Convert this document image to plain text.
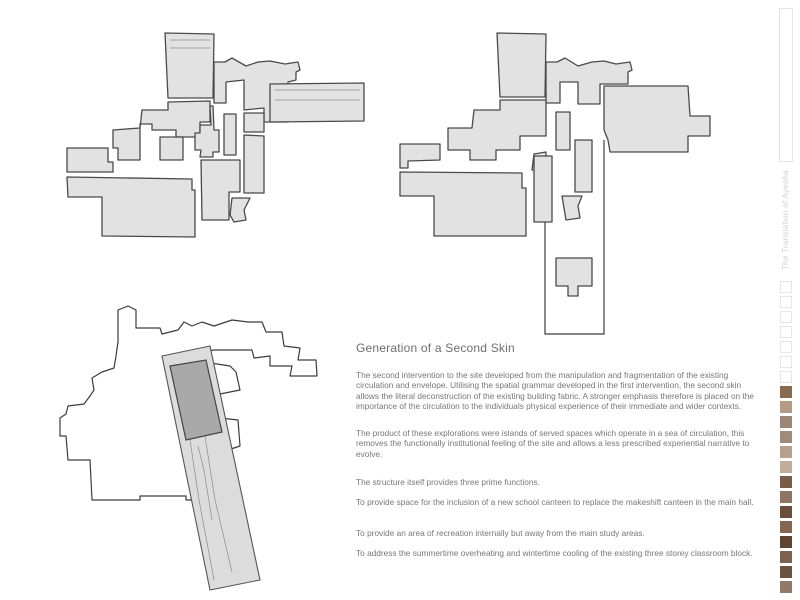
Generation of a Second Skin

The second intervention to the site developed from the manipulation and fragmentation of the existing circulation and envelope. Utilising the spatial grammar developed in the first intervention, the second skin allows the literal deconstruction of the existing building fabric. A stronger emphasis therefore is placed on the importance of the circulation to the individuals physical experience of their immediate and wider contexts.

The product of these explorations were islands of served spaces which operate in a sea of circulation, this removes the functionally institutional feeling of the site and allows a less prescribed experiential narrative to evolve.

The structure itself provides three prime functions.

To provide space for the inclusion of a new school canteen to replace the makeshift canteen in the main hall.

To provide an area of recreation internally but away from the main study areas.

To address the summertime overheating and wintertime cooling of the existing three storey classroom block.

The Translation of Ayesha
